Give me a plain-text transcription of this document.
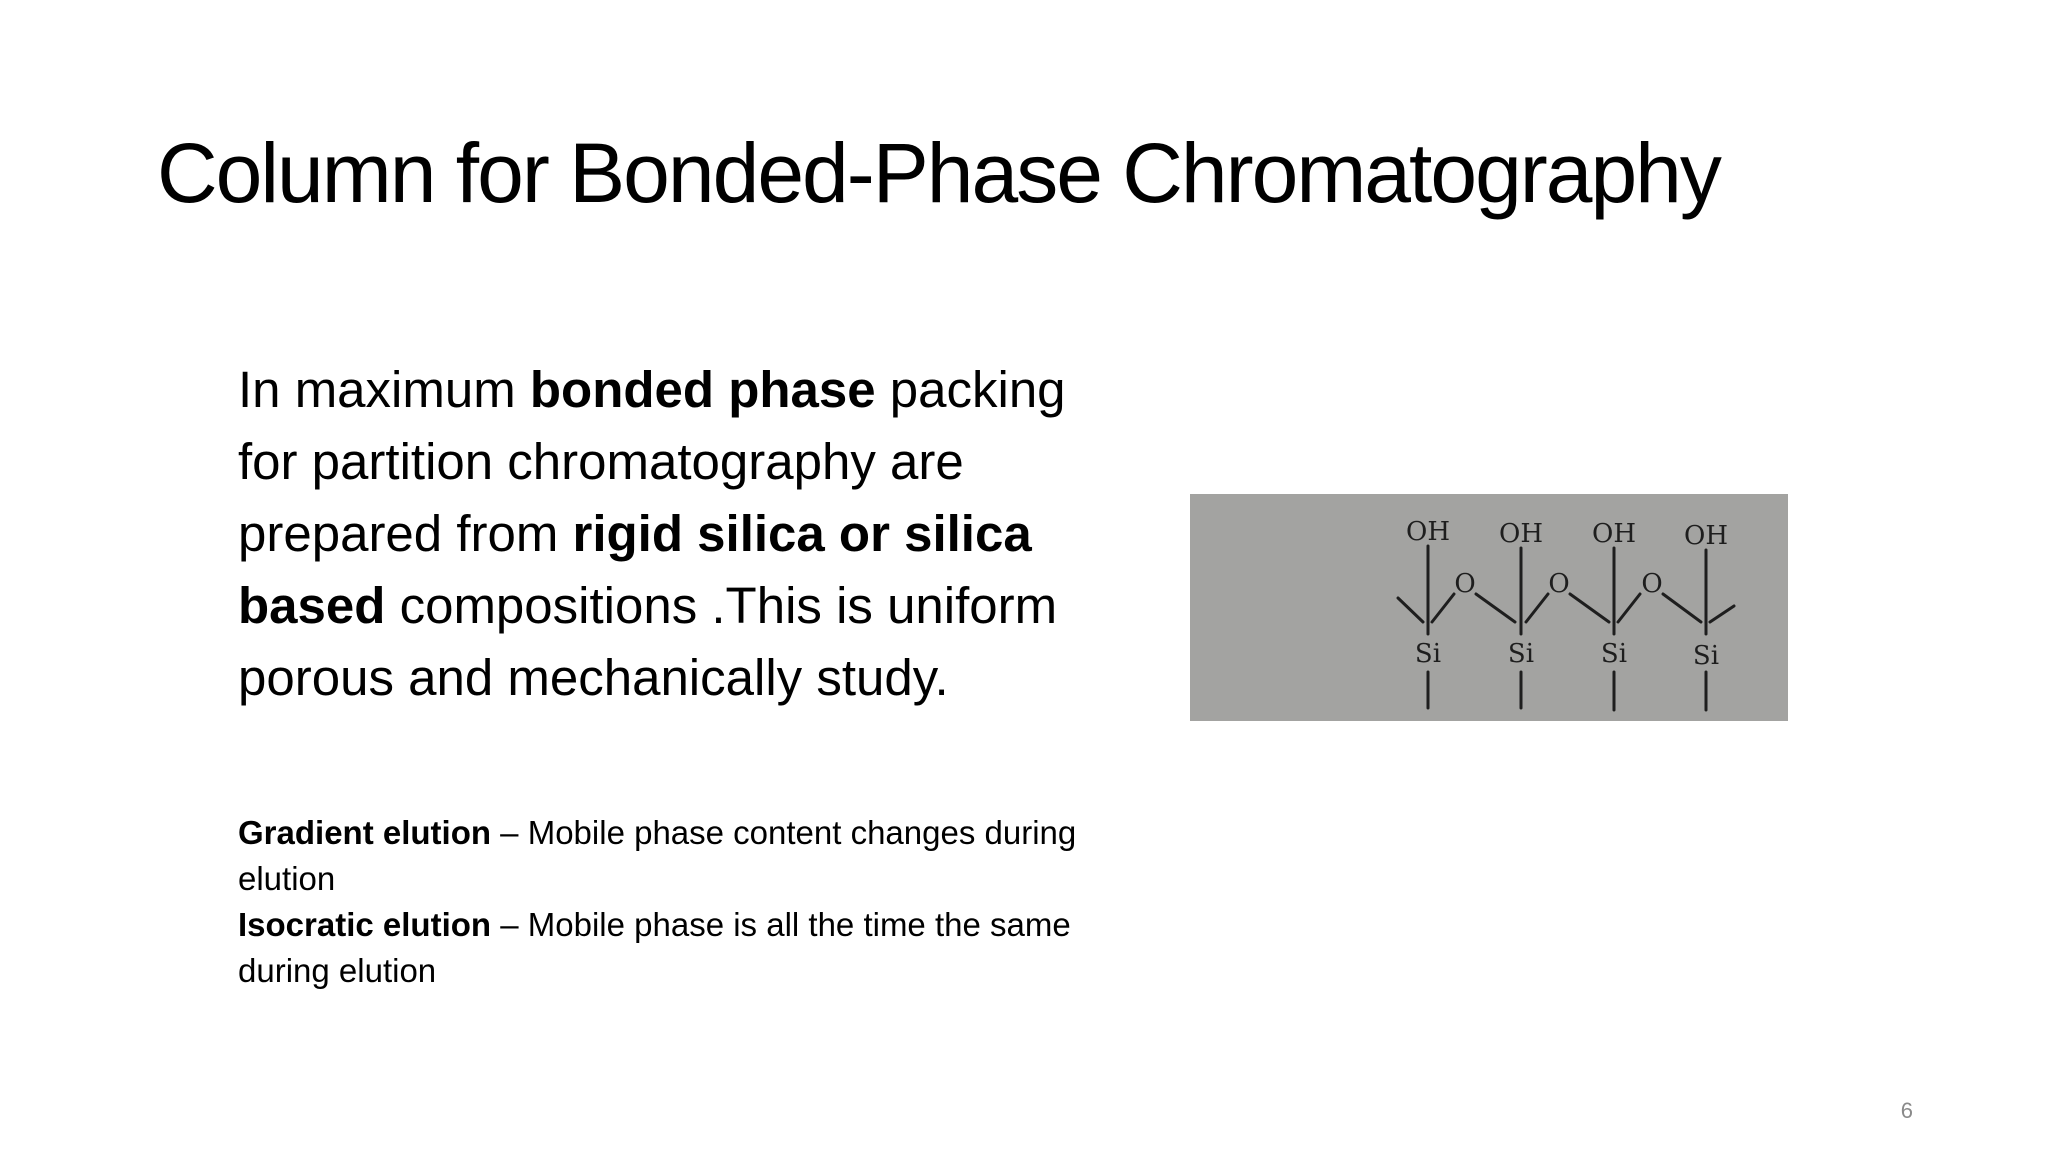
Column for Bonded-Phase Chromatography

In maximum bonded phase packing for partition chromatography are prepared from rigid silica or silica based compositions .This is uniform porous and mechanically study.

Gradient elution – Mobile phase content changes during elution

Isocratic elution – Mobile phase is all the time the same during elution

OH OH OH OH
O	O	O
Si	Si	Si	Si
6
